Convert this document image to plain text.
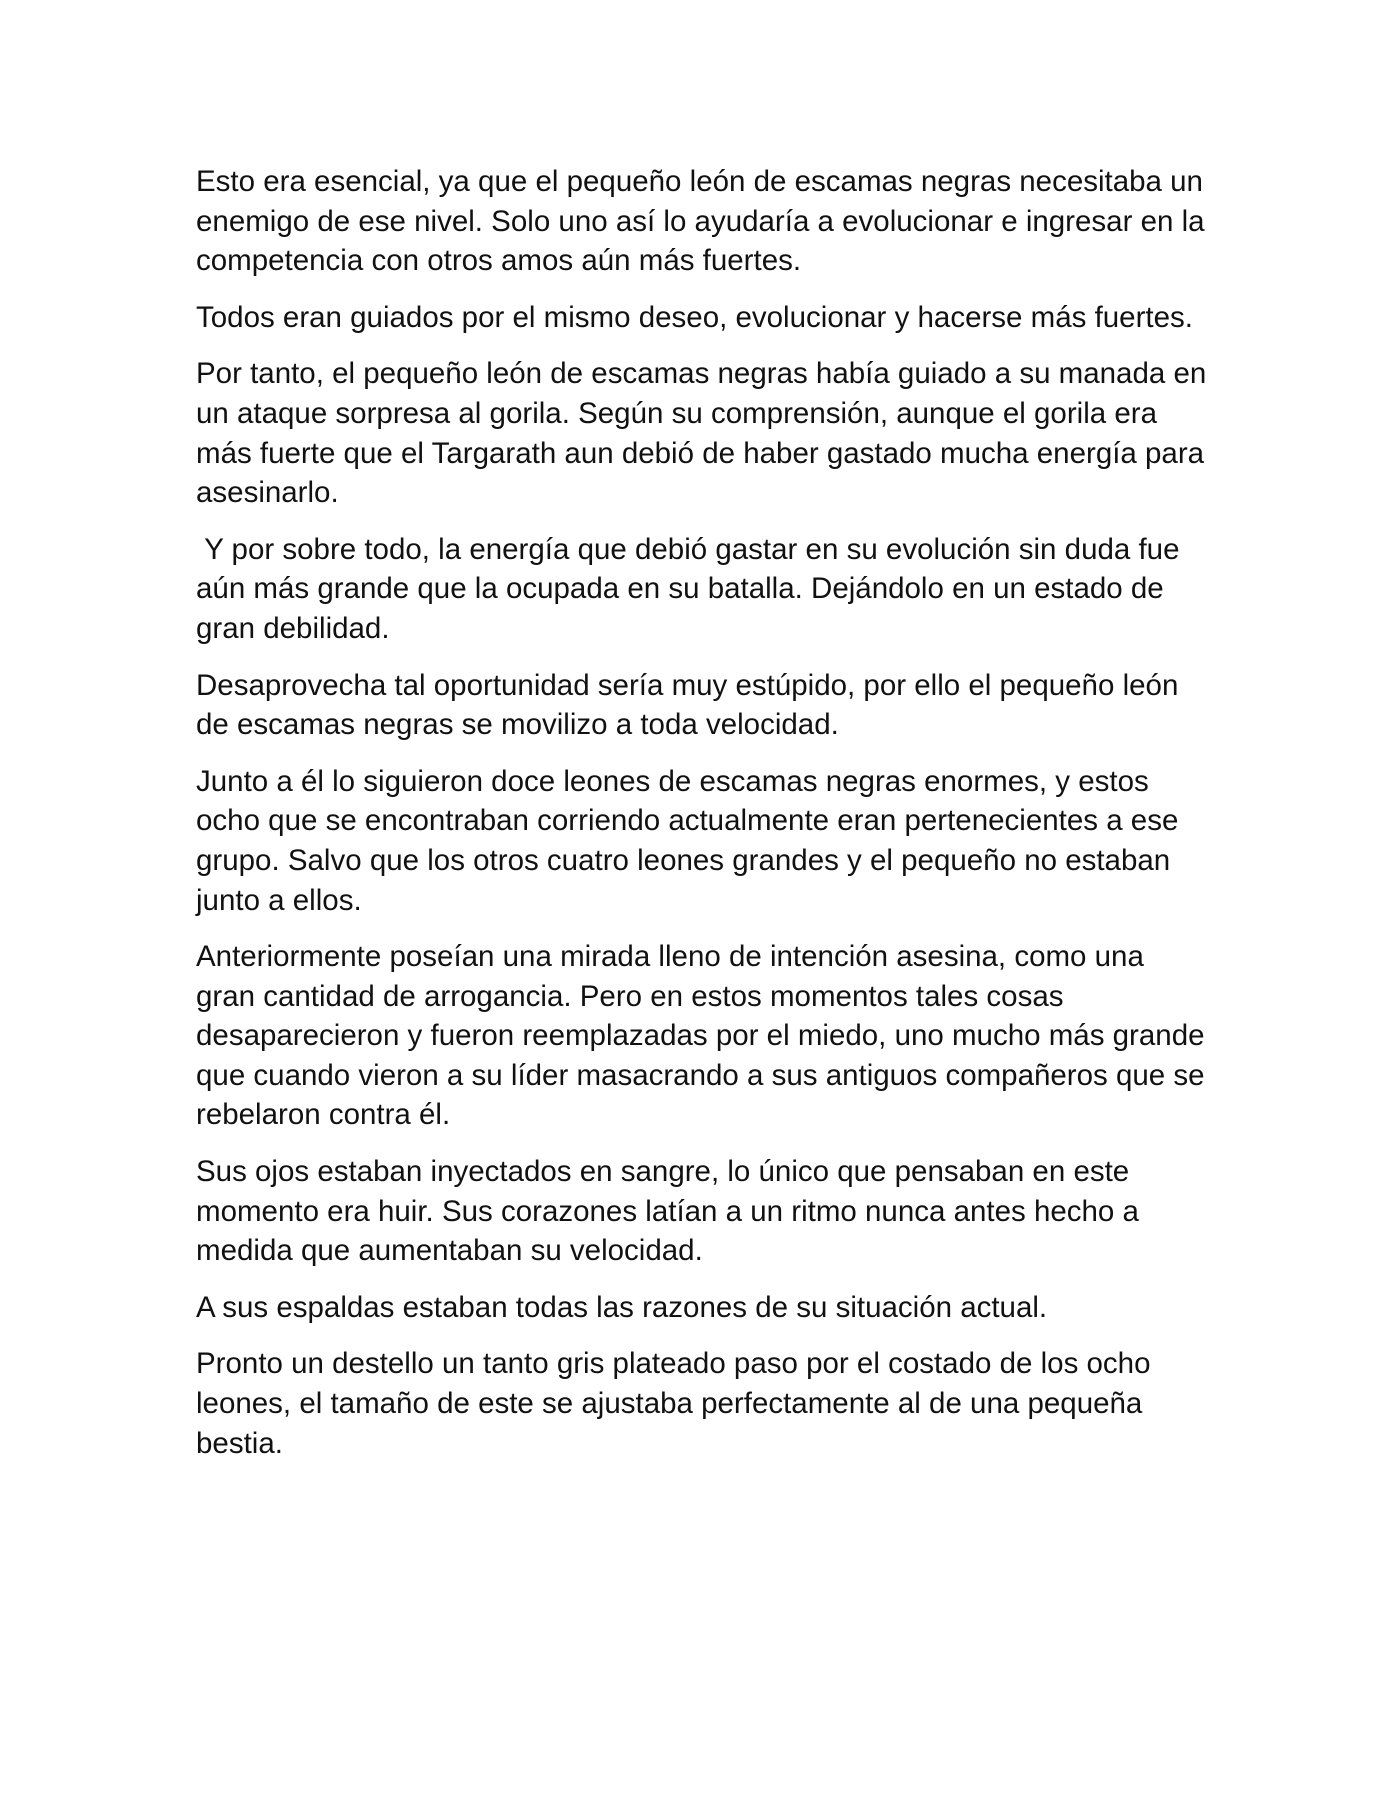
Esto era esencial, ya que el pequeño león de escamas negras necesitaba un enemigo de ese nivel. Solo uno así lo ayudaría a evolucionar e ingresar en la competencia con otros amos aún más fuertes.

Todos eran guiados por el mismo deseo, evolucionar y hacerse más fuertes.

Por tanto, el pequeño león de escamas negras había guiado a su manada en un ataque sorpresa al gorila. Según su comprensión, aunque el gorila era más fuerte que el Targarath aun debió de haber gastado mucha energía para asesinarlo.

Y por sobre todo, la energía que debió gastar en su evolución sin duda fue aún más grande que la ocupada en su batalla. Dejándolo en un estado de gran debilidad.

Desaprovecha tal oportunidad sería muy estúpido, por ello el pequeño león de escamas negras se movilizo a toda velocidad.

Junto a él lo siguieron doce leones de escamas negras enormes, y estos ocho que se encontraban corriendo actualmente eran pertenecientes a ese grupo. Salvo que los otros cuatro leones grandes y el pequeño no estaban junto a ellos.

Anteriormente poseían una mirada lleno de intención asesina, como una gran cantidad de arrogancia. Pero en estos momentos tales cosas desaparecieron y fueron reemplazadas por el miedo, uno mucho más grande que cuando vieron a su líder masacrando a sus antiguos compañeros que se rebelaron contra él.

Sus ojos estaban inyectados en sangre, lo único que pensaban en este momento era huir. Sus corazones latían a un ritmo nunca antes hecho a medida que aumentaban su velocidad.

A sus espaldas estaban todas las razones de su situación actual.

Pronto un destello un tanto gris plateado paso por el costado de los ocho leones, el tamaño de este se ajustaba perfectamente al de una pequeña bestia.
